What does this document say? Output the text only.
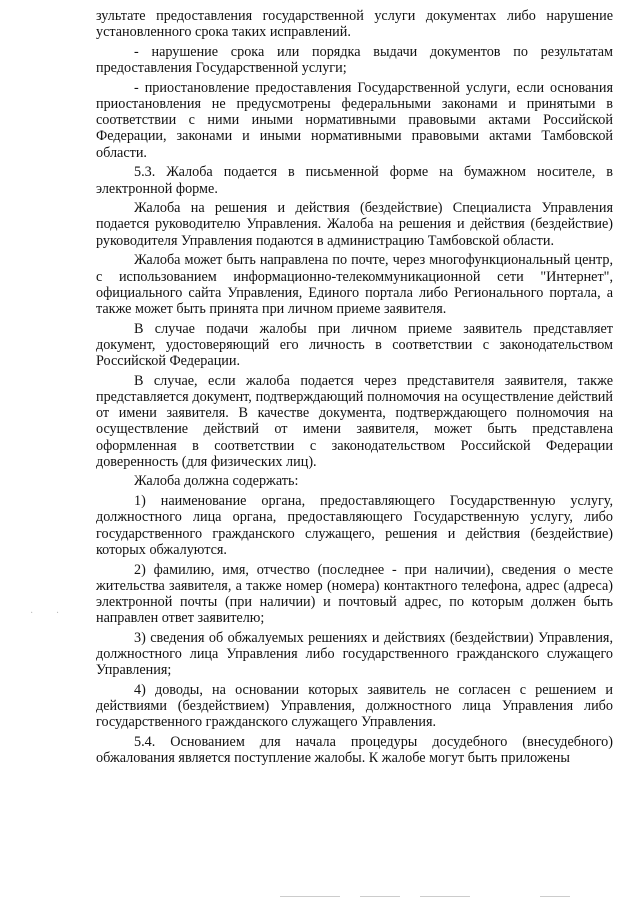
зультате предоставления государственной услуги документах либо нарушение установленного срока таких исправлений.

- нарушение срока или порядка выдачи документов по результатам предоставления Государственной услуги;

- приостановление предоставления Государственной услуги, если основания приостановления не предусмотрены федеральными законами и принятыми в соответствии с ними иными нормативными правовыми актами Российской Федерации, законами и иными нормативными правовыми актами Тамбовской области.

5.3. Жалоба подается в письменной форме на бумажном носителе, в электронной форме.

Жалоба на решения и действия (бездействие) Специалиста Управления подается руководителю Управления. Жалоба на решения и действия (бездействие) руководителя Управления подаются в администрацию Тамбовской области.

Жалоба может быть направлена по почте, через многофункциональный центр, с использованием информационно-телекоммуникационной сети "Интернет", официального сайта Управления, Единого портала либо Регионального портала, а также может быть принята при личном приеме заявителя.

В случае подачи жалобы при личном приеме заявитель представляет документ, удостоверяющий его личность в соответствии с законодательством Российской Федерации.

В случае, если жалоба подается через представителя заявителя, также представляется документ, подтверждающий полномочия на осуществление действий от имени заявителя. В качестве документа, подтверждающего полномочия на осуществление действий от имени заявителя, может быть представлена оформленная в соответствии с законодательством Российской Федерации доверенность (для физических лиц).

Жалоба должна содержать:

1) наименование органа, предоставляющего Государственную услугу, должностного лица органа, предоставляющего Государственную услугу, либо государственного гражданского служащего, решения и действия (бездействие) которых обжалуются.

2) фамилию, имя, отчество (последнее - при наличии), сведения о месте жительства заявителя, а также номер (номера) контактного телефона, адрес (адреса) электронной почты (при наличии) и почтовый адрес, по которым должен быть направлен ответ заявителю;

3) сведения об обжалуемых решениях и действиях (бездействии) Управления, должностного лица Управления либо государственного гражданского служащего Управления;

4) доводы, на основании которых заявитель не согласен с решением и действиями (бездействием) Управления, должностного лица Управления либо государственного гражданского служащего Управления.

5.4. Основанием для начала процедуры досудебного (внесудебного) обжалования является поступление жалобы. К жалобе могут быть приложены

· ·
